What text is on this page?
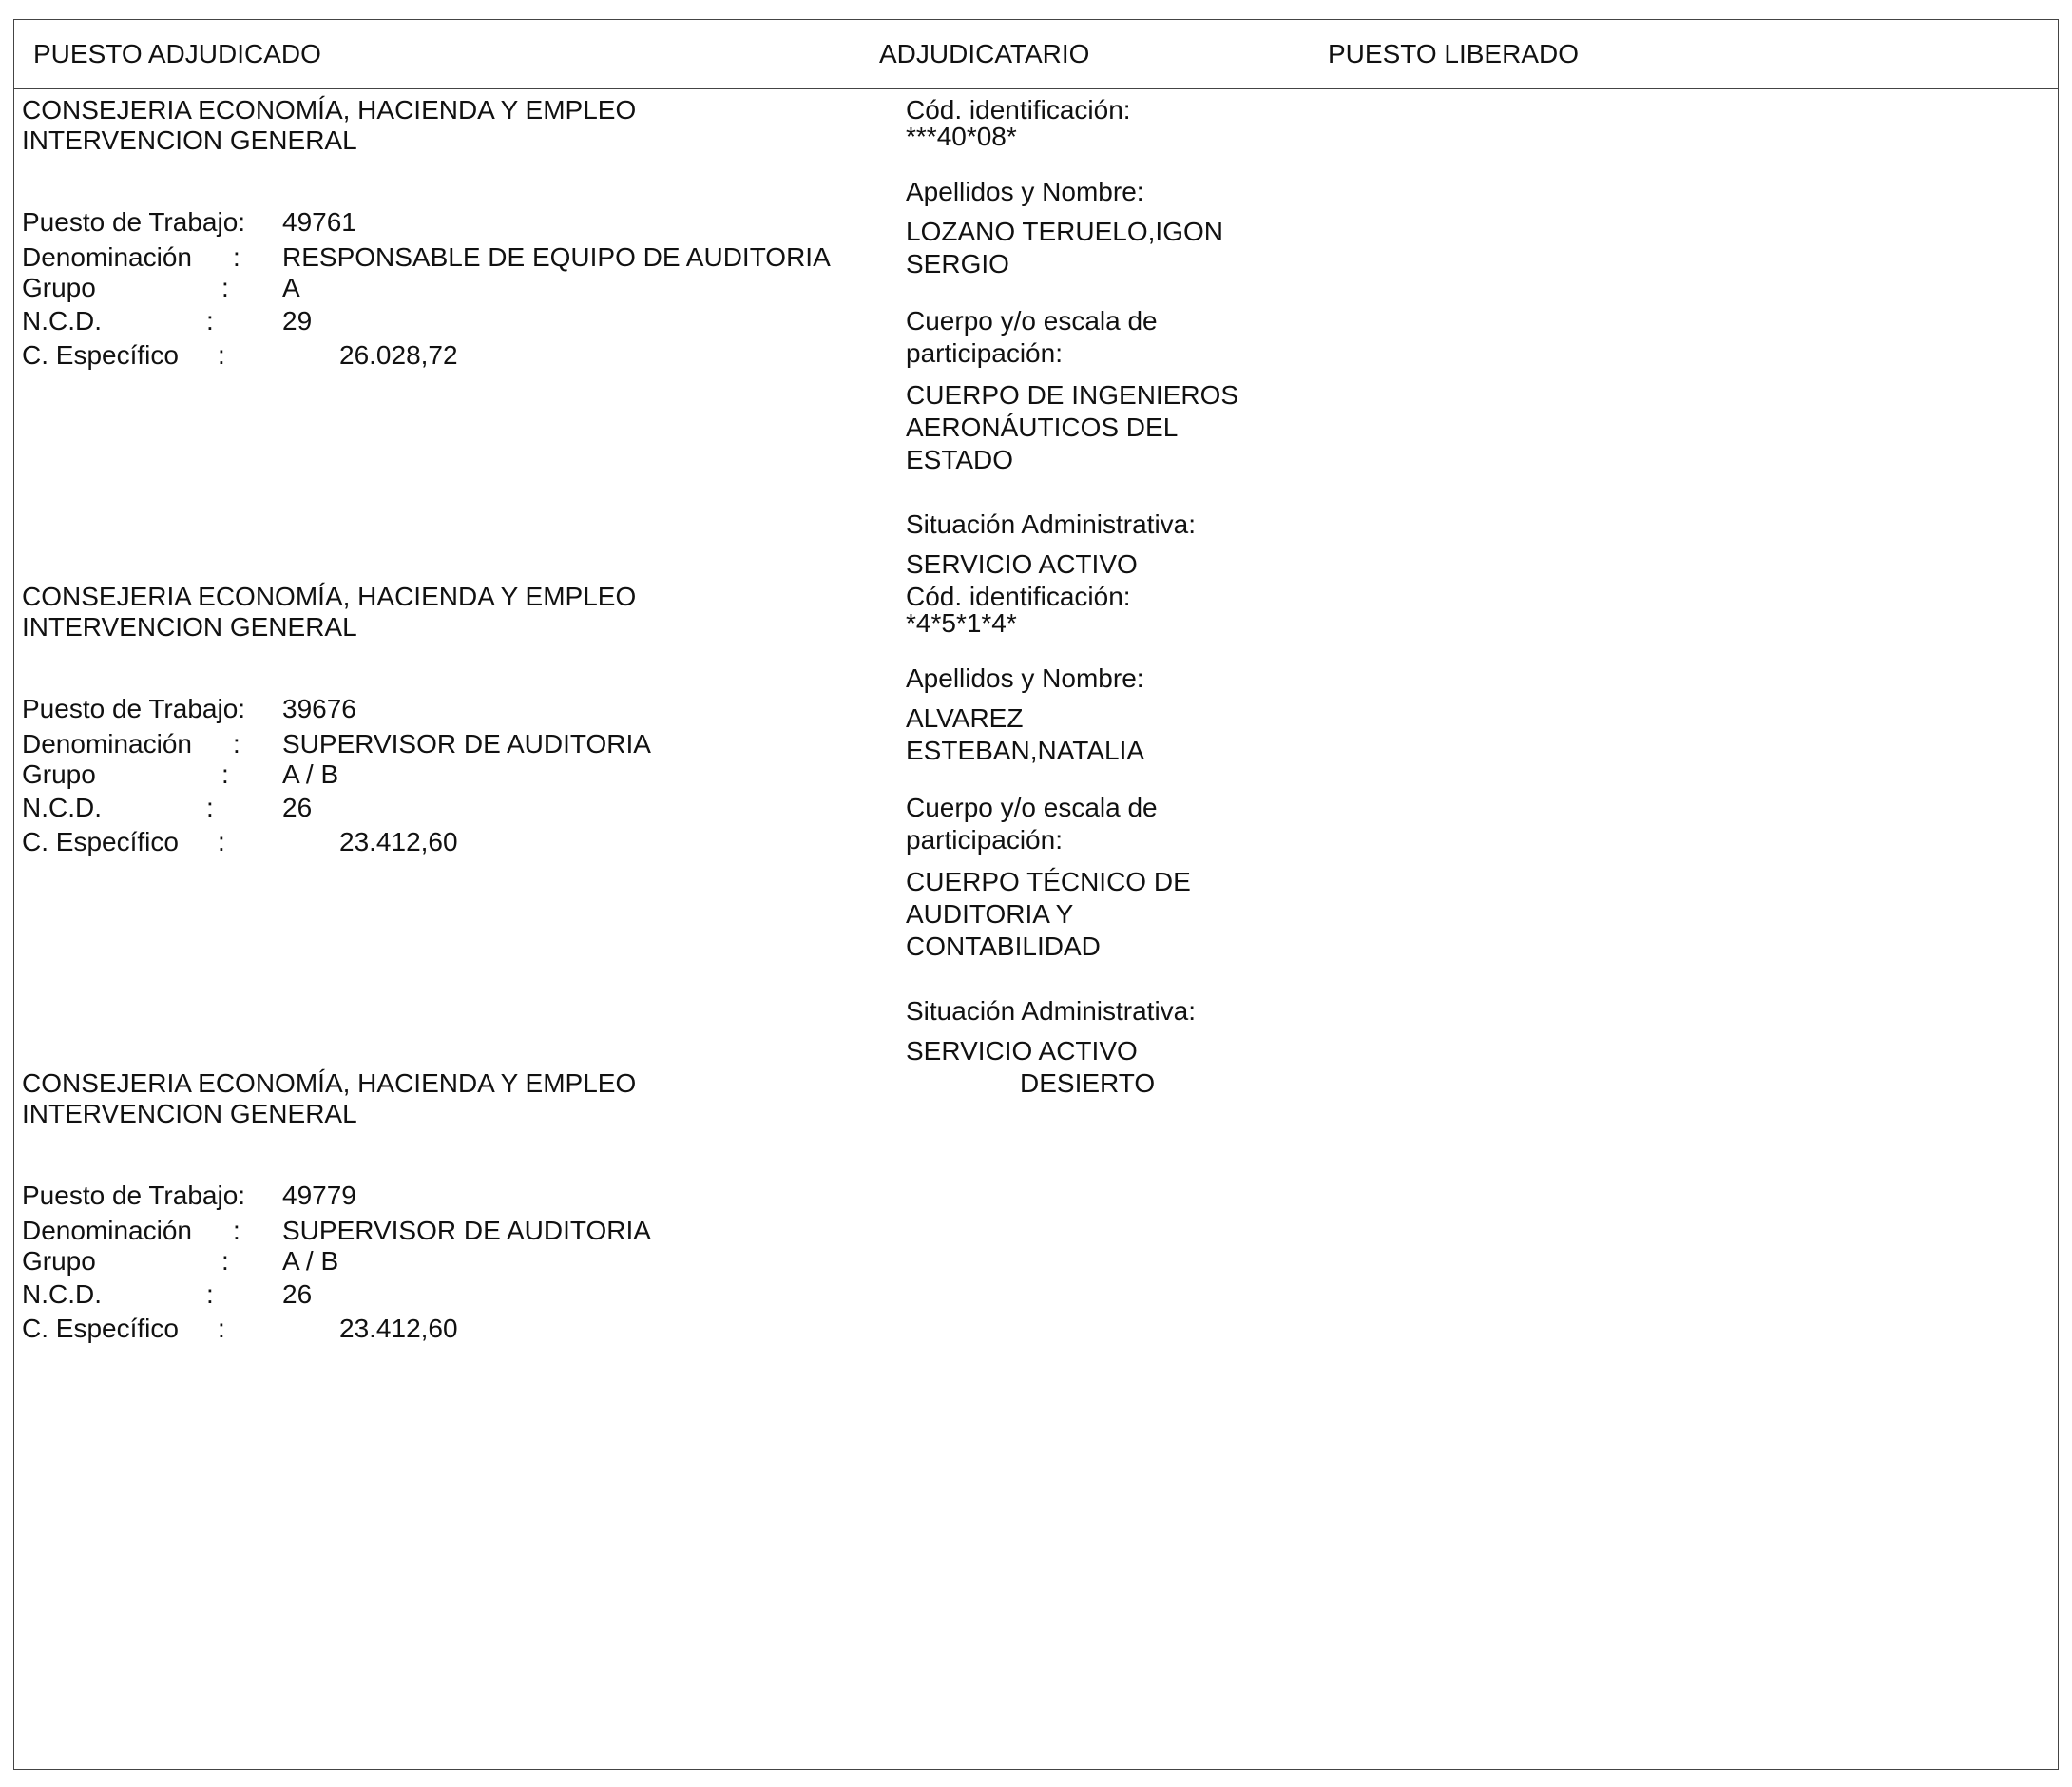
PUESTO ADJUDICADO	ADJUDICATARIO	PUESTO LIBERADO
CONSEJERIA ECONOMÍA, HACIENDA Y EMPLEO
INTERVENCION GENERAL
Puesto de Trabajo: 49761
Denominación : RESPONSABLE DE EQUIPO DE AUDITORIA
Grupo	: A
N.C.D.	:	29
C. Específico :	26.028,72
Cód. identificación:
***40*08*
Apellidos y Nombre:
LOZANO TERUELO,IGON
SERGIO
Cuerpo y/o escala de
participación:
CUERPO DE INGENIEROS
AERONÁUTICOS DEL
ESTADO
Situación Administrativa:
SERVICIO ACTIVO
CONSEJERIA ECONOMÍA, HACIENDA Y EMPLEO
INTERVENCION GENERAL
Puesto de Trabajo: 39676
Denominación : SUPERVISOR DE AUDITORIA
Grupo	: A / B
N.C.D.	:	26
C. Específico :	23.412,60
Cód. identificación:
*4*5*1*4*
Apellidos y Nombre:
ALVAREZ
ESTEBAN,NATALIA
Cuerpo y/o escala de
participación:
CUERPO TÉCNICO DE
AUDITORIA Y
CONTABILIDAD
Situación Administrativa:
SERVICIO ACTIVO
CONSEJERIA ECONOMÍA, HACIENDA Y EMPLEO
INTERVENCION GENERAL
Puesto de Trabajo: 49779
Denominación : SUPERVISOR DE AUDITORIA
Grupo	: A / B
N.C.D.	:	26
C. Específico :	23.412,60
DESIERTO
